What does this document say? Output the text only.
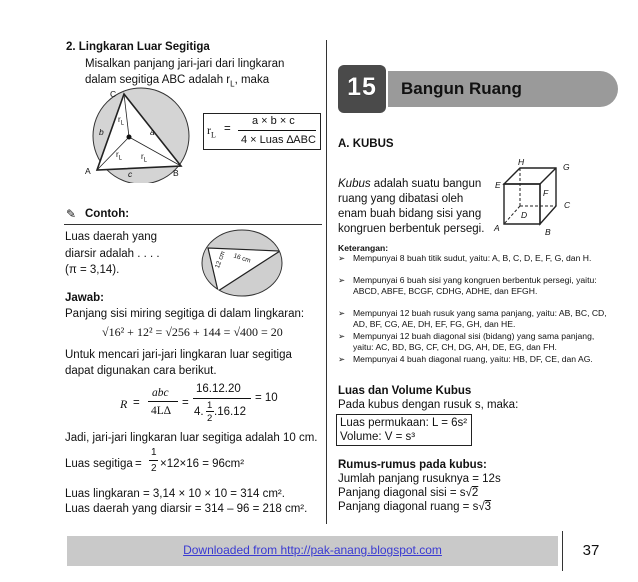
2. Lingkaran Luar Segitiga
Misalkan panjang jari-jari dari lingkaran
dalam segitiga ABC adalah $r_L$, maka
C
A	B
a
b
c
$r_L$
$r_L$ $r_L$
$r_L$ =
a × b × c
4 × Luas ∆ABC
✎ Contoh:
Luas daerah yang
diarsir adalah . . . .
(π = 3,14).
12 cm 16 cm
Jawab:
Panjang sisi miring segitiga di dalam lingkaran:
√16² + 12² = √256 + 144 = √400 = 20
Untuk mencari jari-jari lingkaran luar segitiga
dapat digunakan cara berikut.
R =
abc
4L∆
=
16.12.20
4.
1
2
.16.12
= 10
Jadi, jari-jari lingkaran luar segitiga adalah 10 cm.
Luas segitiga =
1
2 ×12×16 = 96cm²
Luas lingkaran = 3,14 × 10 × 10 = 314 cm².
Luas daerah yang diarsir = 314 – 96 = 218 cm².
Bangun Ruang
15
A. KUBUS
Kubus adalah suatu bangun
ruang yang dibatasi oleh
enam buah bidang sisi yang
kongruen berbentuk persegi.
H	G
E
F
D
C
A	B
Keterangan:
➢ Mempunyai 8 buah titik sudut, yaitu: A, B, C, D, E, F, G, dan H.
➢ Mempunyai 6 buah sisi yang kongruen berbentuk persegi, yaitu: ABCD, ABFE, BCGF, CDHG, ADHE, dan EFGH.
➢ Mempunyai 12 buah rusuk yang sama panjang, yaitu: AB, BC, CD, AD, BF, CG, AE, DH, EF, FG, GH, dan HE.
➢ Mempunyai 12 buah diagonal sisi (bidang) yang sama panjang, yaitu: AC, BD, BG, CF, CH, DG, AH, DE, EG, dan FH.
➢ Mempunyai 4 buah diagonal ruang, yaitu: HB, DF, CE, dan AG.
Luas dan Volume Kubus
Pada kubus dengan rusuk s, maka:
Luas permukaan: L = 6s²
Volume: V = s³
Rumus-rumus pada kubus:
Jumlah panjang rusuknya = 12s
Panjang diagonal sisi = s√2
Panjang diagonal ruang = s√3
Downloaded from http://pak-anang.blogspot.com	37
